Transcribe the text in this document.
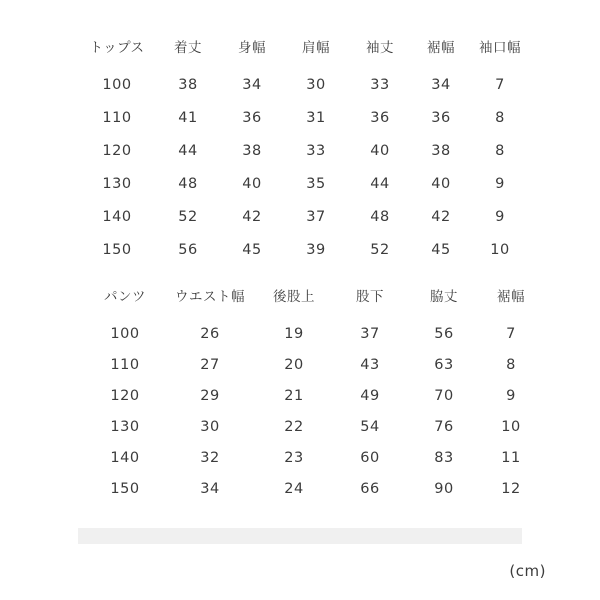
トップス	着丈	身幅	肩幅	袖丈	裾幅	袖口幅
100	38	34	30	33	34	7
110	41	36	31	36	36	8
120	44	38	33	40	38	8
130	48	40	35	44	40	9
140	52	42	37	48	42	9
150	56	45	39	52	45	10
パンツ	ウエスト幅	後股上	股下	脇丈	裾幅
100	26	19	37	56	7
110	27	20	43	63	8
120	29	21	49	70	9
130	30	22	54	76	10
140	32	23	60	83	11
150	34	24	66	90	12
(cm)
